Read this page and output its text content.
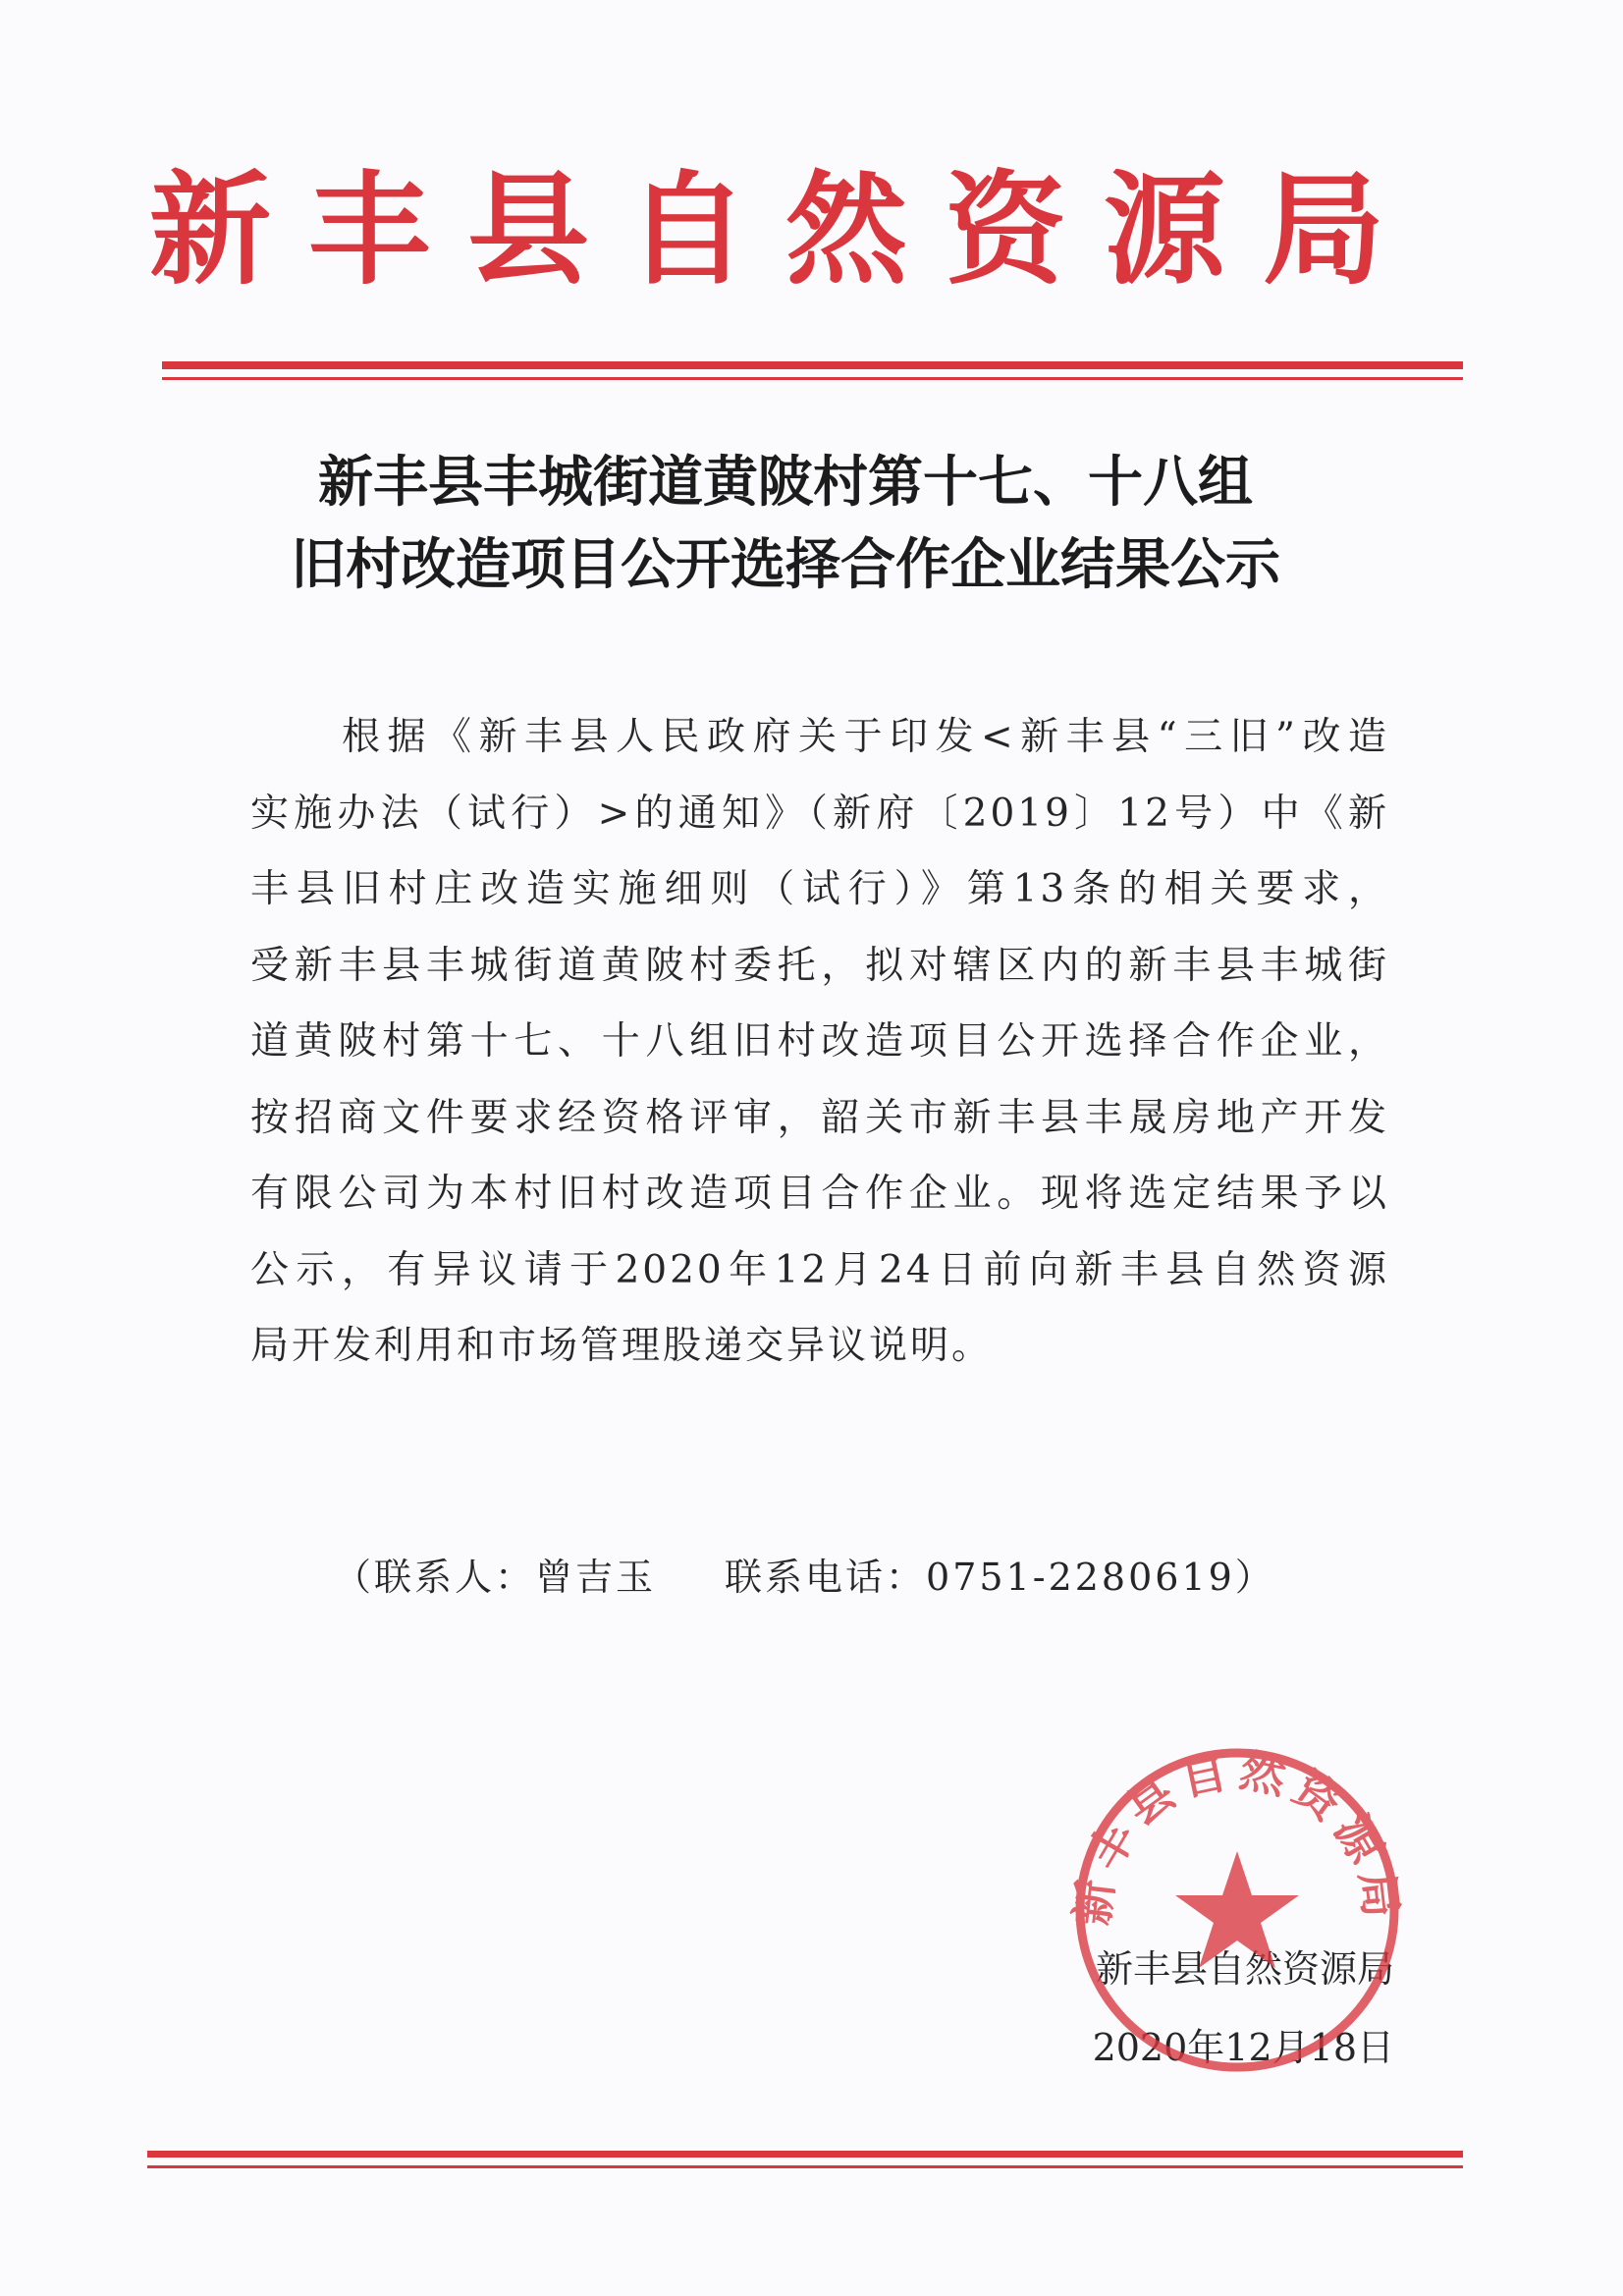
新丰县自然资源局
新丰县丰城街道黄陂村第十七、十八组
旧村改造项目公开选择合作企业结果公示
　　根据《新丰县人民政府关于印发<新丰县“三旧”改造
实施办法（试行）>的通知》（新府〔2019〕12号）中《新
丰县旧村庄改造实施细则（试行）》第13条的相关要求，
受新丰县丰城街道黄陂村委托，拟对辖区内的新丰县丰城街
道黄陂村第十七、十八组旧村改造项目公开选择合作企业，
按招商文件要求经资格评审，韶关市新丰县丰晟房地产开发
有限公司为本村旧村改造项目合作企业。现将选定结果予以
公示，有异议请于2020年12月24日前向新丰县自然资源
局开发利用和市场管理股递交异议说明。
（联系人：曾吉玉 联系电话：0751-2280619）
新丰县自然资源局
2020年12月18日
新丰县自然资源局
